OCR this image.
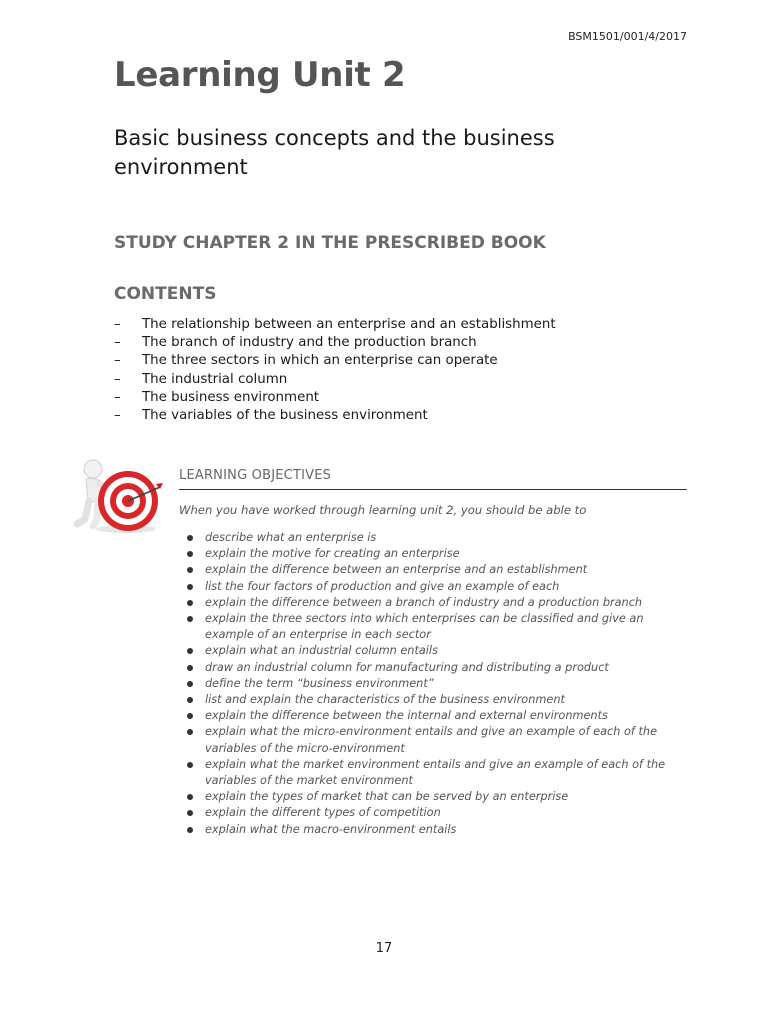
BSM1501/001/4/2017
Learning Unit 2
Basic business concepts and the business environment
STUDY CHAPTER 2 IN THE PRESCRIBED BOOK
CONTENTS
– The relationship between an enterprise and an establishment
– The branch of industry and the production branch
– The three sectors in which an enterprise can operate
– The industrial column
– The business environment
– The variables of the business environment
LEARNING OBJECTIVES

When you have worked through learning unit 2, you should be able to

describe what an enterprise is
explain the motive for creating an enterprise
explain the difference between an enterprise and an establishment
list the four factors of production and give an example of each
explain the difference between a branch of industry and a production branch
explain the three sectors into which enterprises can be classified and give an example of an enterprise in each sector
explain what an industrial column entails
draw an industrial column for manufacturing and distributing a product
define the term “business environment”
list and explain the characteristics of the business environment
explain the difference between the internal and external environments
explain what the micro-environment entails and give an example of each of the variables of the micro-environment
explain what the market environment entails and give an example of each of the variables of the market environment
explain the types of market that can be served by an enterprise
explain the different types of competition
explain what the macro-environment entails
17
